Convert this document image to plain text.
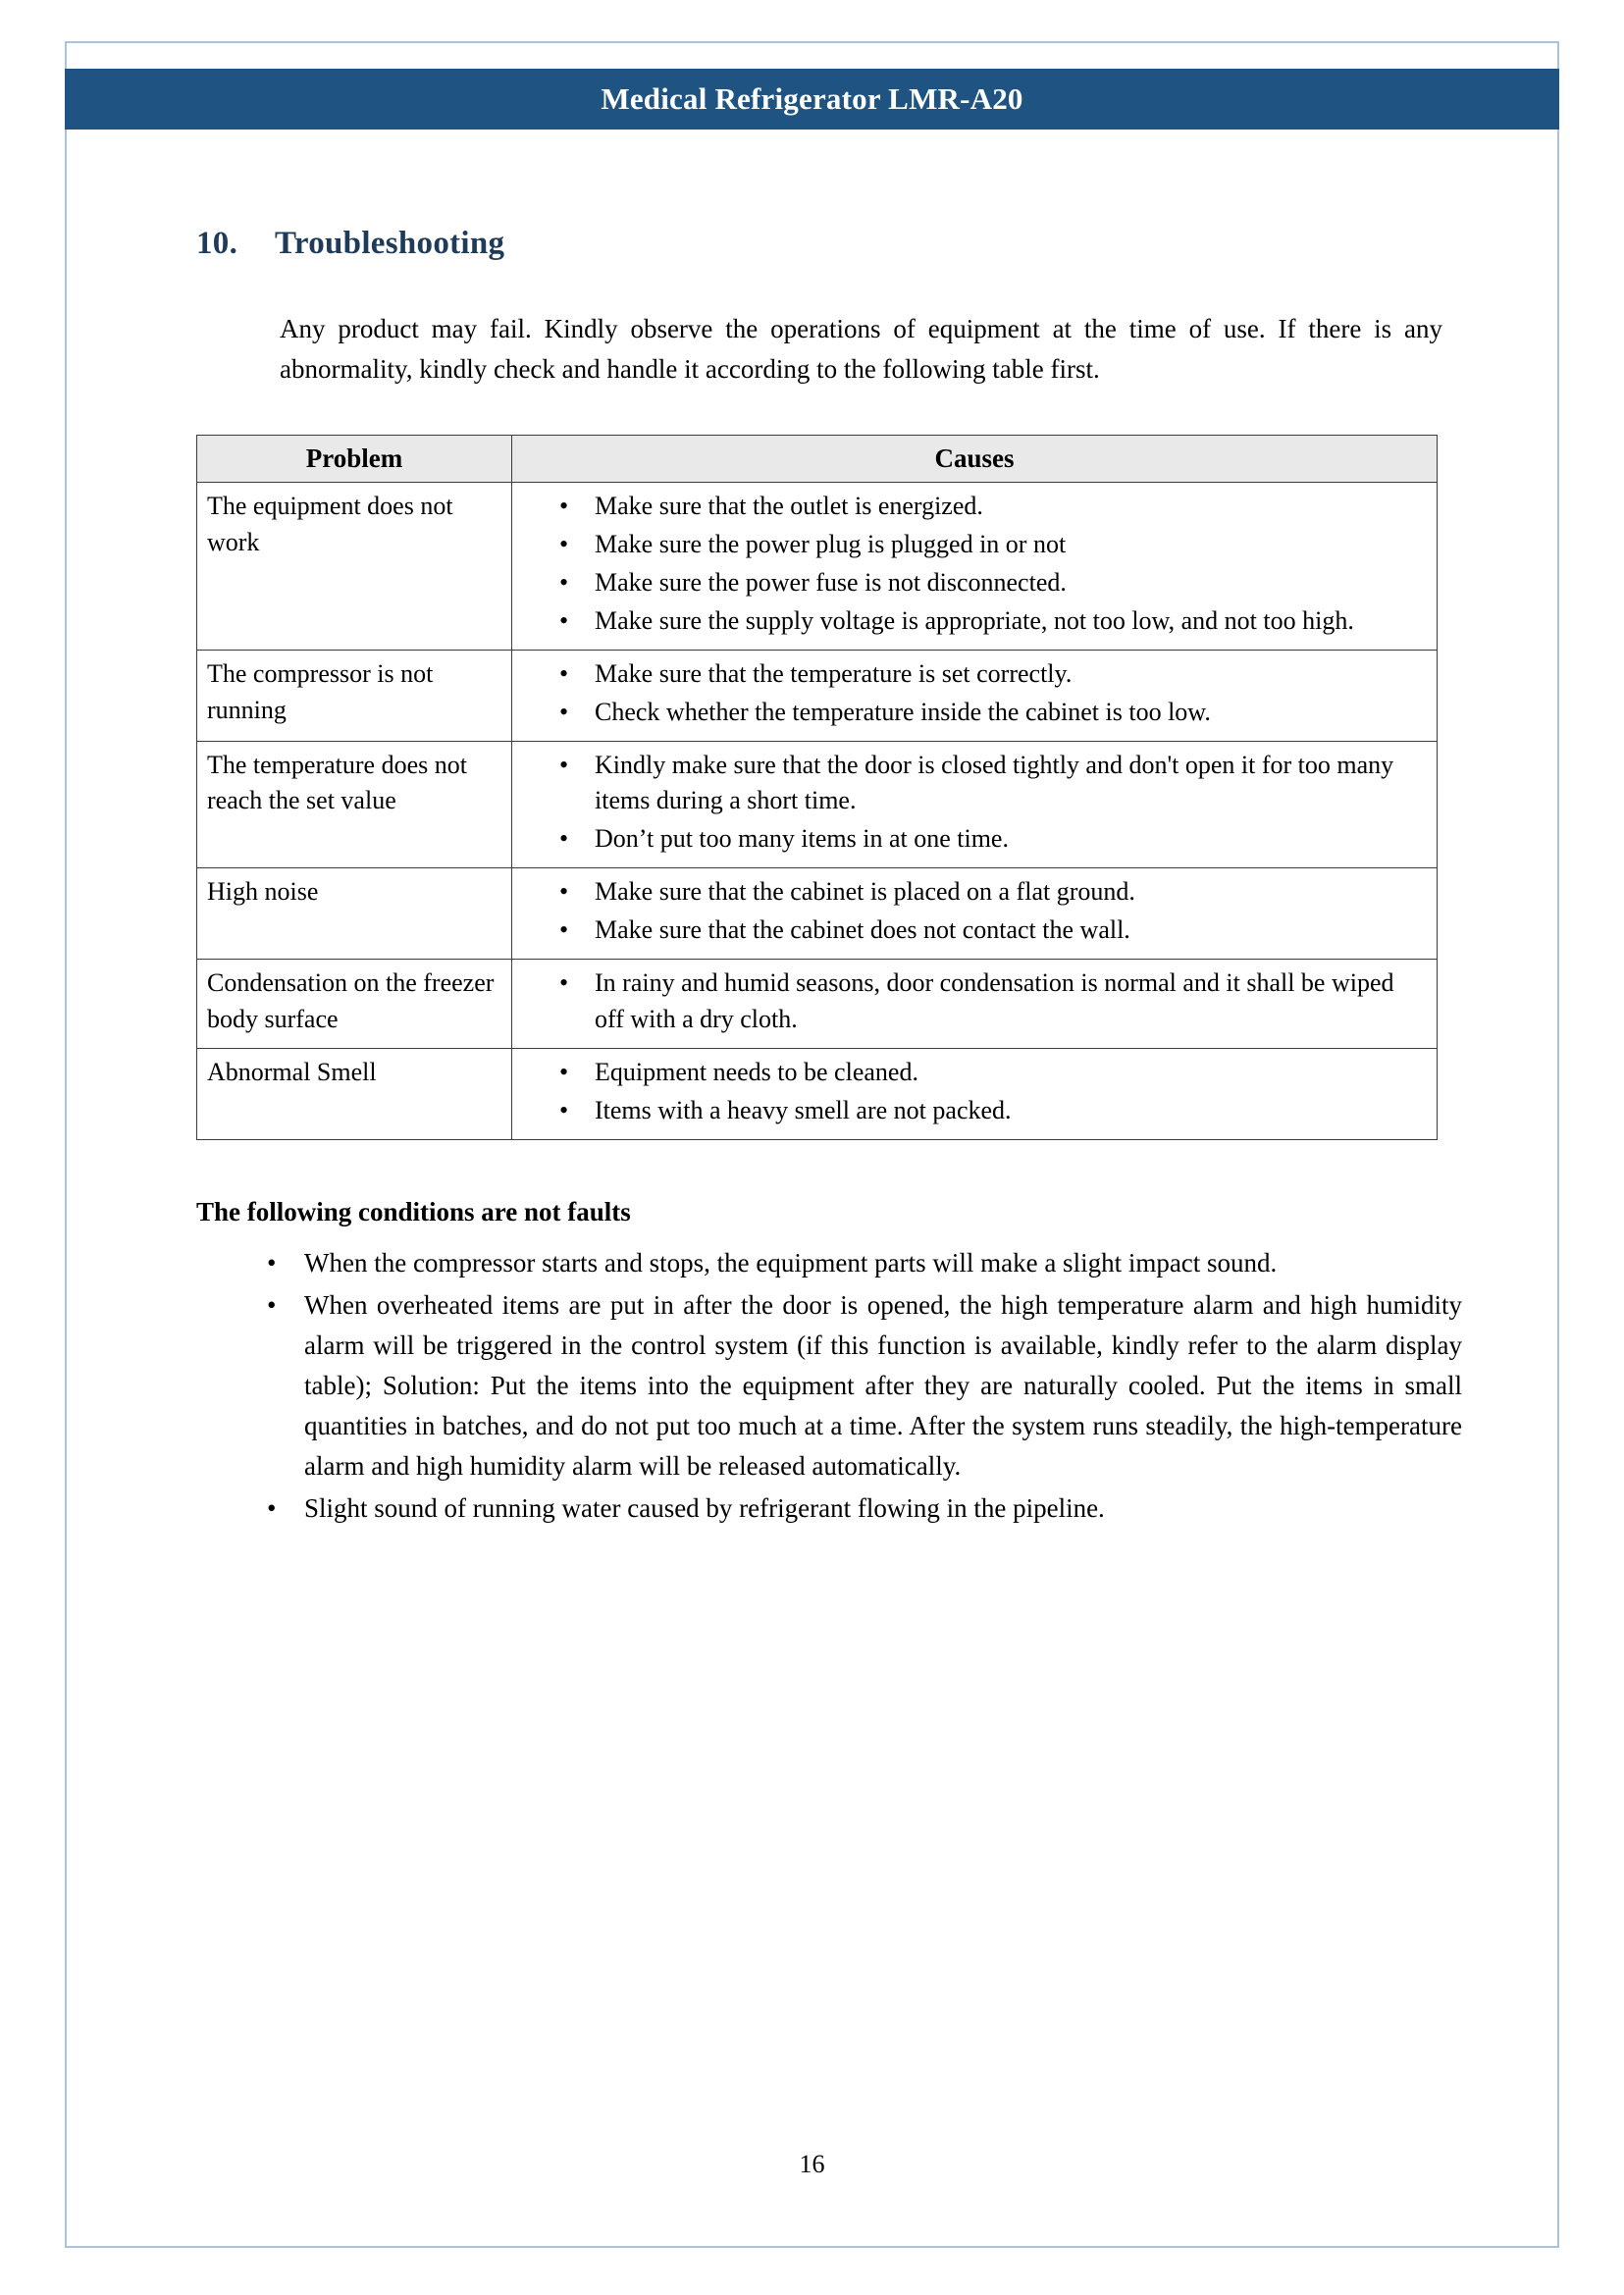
Medical Refrigerator LMR-A20
10. Troubleshooting

Any product may fail. Kindly observe the operations of equipment at the time of use. If there is any abnormality, kindly check and handle it according to the following table first.

Problem	Causes
The equipment does not work	
• Make sure that the outlet is energized.
• Make sure the power plug is plugged in or not
• Make sure the power fuse is not disconnected.
• Make sure the supply voltage is appropriate, not too low, and not too high.

The compressor is not running	
• Make sure that the temperature is set correctly.
• Check whether the temperature inside the cabinet is too low.

The temperature does not reach the set value	
• Kindly make sure that the door is closed tightly and don't open it for too many items during a short time.
• Don’t put too many items in at one time.

High noise	
•Make sure that the cabinet is placed on a flat ground.
• Make sure that the cabinet does not contact the wall.

Condensation on the freezer body surface	
• In rainy and humid seasons, door condensation is normal and it shall be wiped off with a dry cloth.

Abnormal Smell	
•Equipment needs to be cleaned.
• Items with a heavy smell are not packed.
The following conditions are not faults
• When the compressor starts and stops, the equipment parts will make a slight impact sound.
• When overheated items are put in after the door is opened, the high temperature alarm and high humidity alarm will be triggered in the control system (if this function is available, kindly refer to the alarm display table); Solution: Put the items into the equipment after they are naturally cooled. Put the items in small quantities in batches, and do not put too much at a time. After the system runs steadily, the high-temperature alarm and high humidity alarm will be released automatically.
• Slight sound of running water caused by refrigerant flowing in the pipeline.
16
